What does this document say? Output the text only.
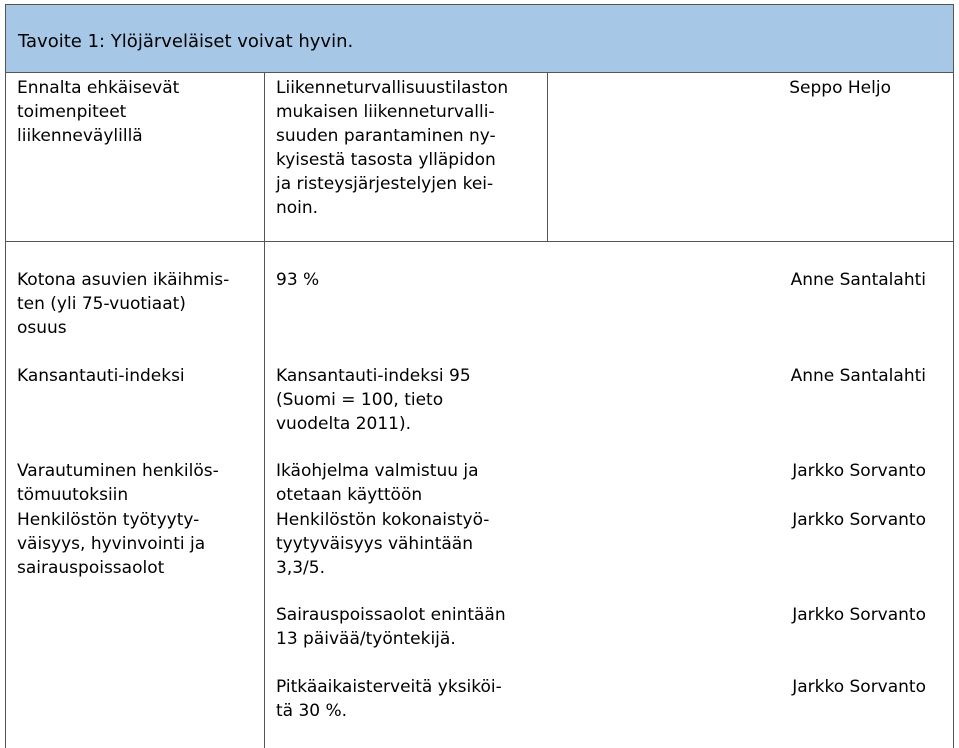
Tavoite 1: Ylöjärveläiset voivat hyvin.
Ennalta ehkäisevät
toimenpiteet
liikenneväylillä
Liikenneturvallisuustilaston
mukaisen liikenneturvalli-
suuden parantaminen ny-
kyisestä tasosta ylläpidon
ja risteysjärjestelyjen kei-
noin.
Seppo Heljo
Kotona asuvien ikäihmis-
ten (yli 75-vuotiaat)
osuus
93 %	Anne Santalahti
Kansantauti-indeksi	Kansantauti-indeksi 95
(Suomi = 100, tieto
vuodelta 2011).
Anne Santalahti
Varautuminen henkilös-
tömuutoksiin
Ikäohjelma valmistuu ja
otetaan käyttöön
Jarkko Sorvanto
Henkilöstön työtyyty-
väisyys, hyvinvointi ja
sairauspoissaolot
Henkilöstön kokonaistyö-
tyytyväisyys vähintään
3,3/5.
Jarkko Sorvanto
Sairauspoissaolot enintään
13 päivää/työntekijä.
Jarkko Sorvanto
Pitkäaikaisterveitä yksiköi-
tä 30 %.
Jarkko Sorvanto
